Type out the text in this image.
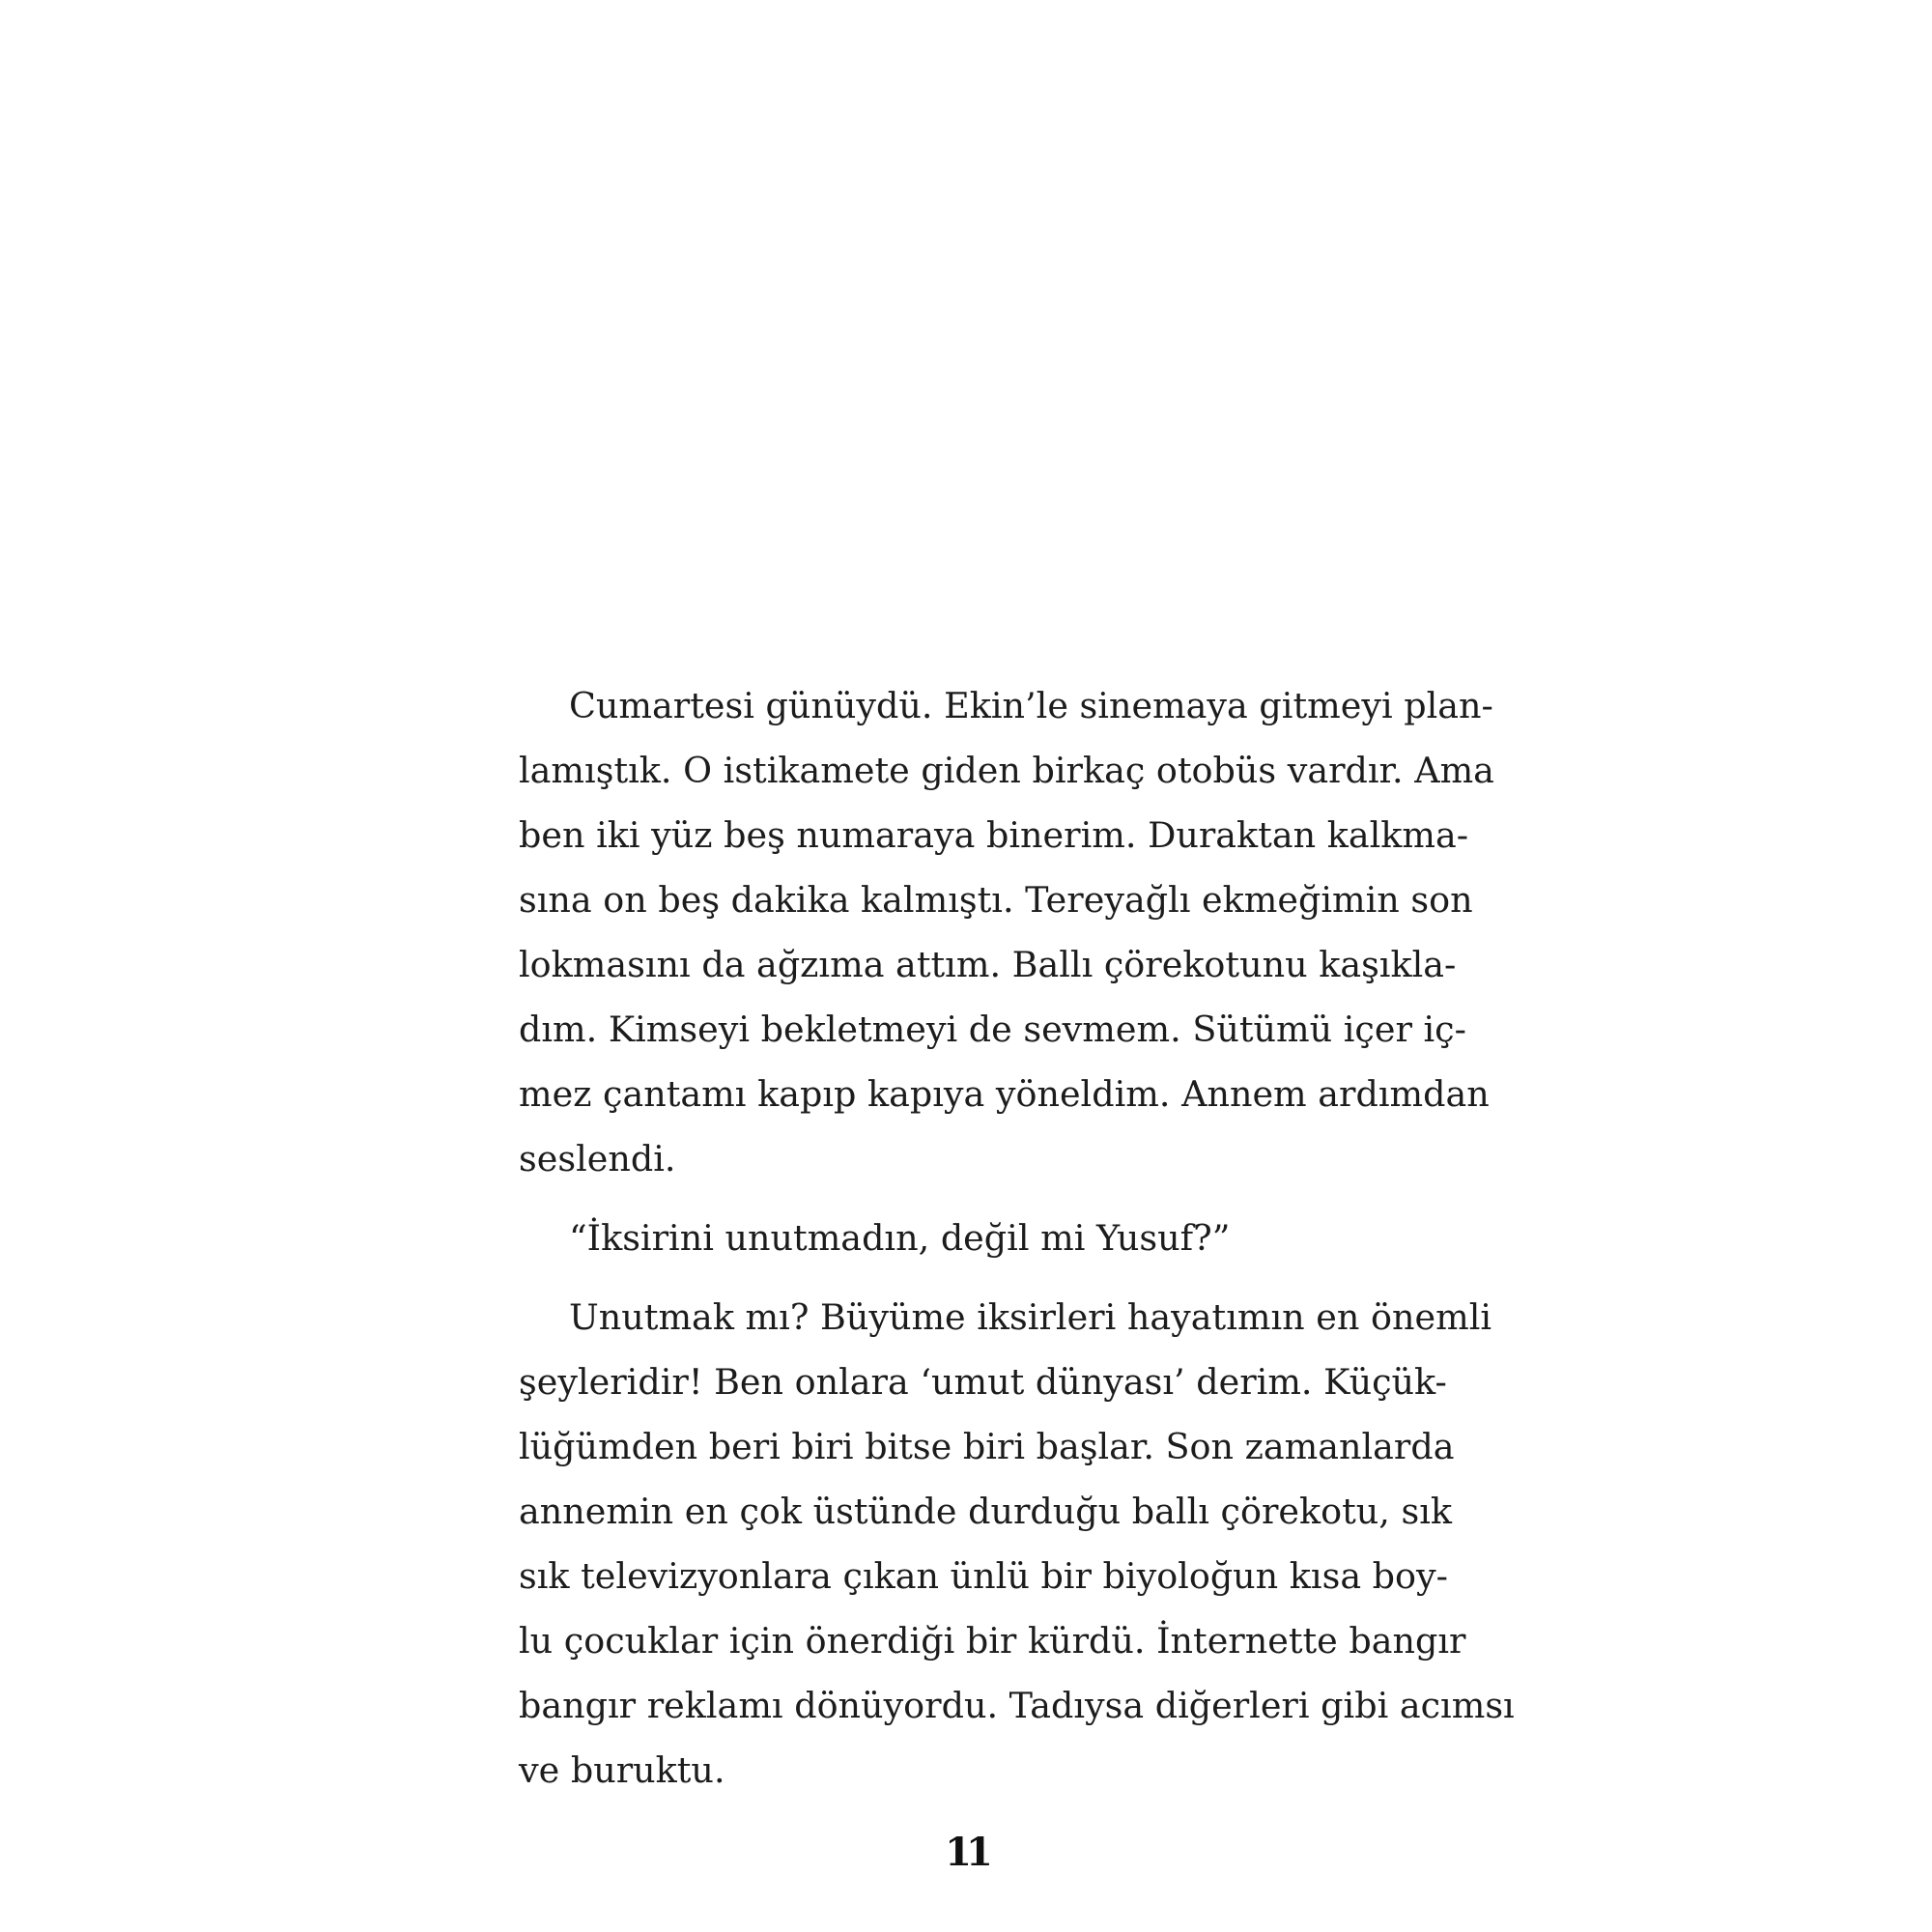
Cumartesi günüydü. Ekin’le sinemaya gitmeyi plan-
lamıştık. O istikamete giden birkaç otobüs vardır. Ama
ben iki yüz beş numaraya binerim. Duraktan kalkma-
sına on beş dakika kalmıştı. Tereyağlı ekmeğimin son
lokmasını da ağzıma attım. Ballı çörekotunu kaşıkla-
dım. Kimseyi bekletmeyi de sevmem. Sütümü içer iç-
mez çantamı kapıp kapıya yöneldim. Annem ardımdan
seslendi.
“İksirini unutmadın, değil mi Yusuf?”
Unutmak mı? Büyüme iksirleri hayatımın en önemli
şeyleridir! Ben onlara ‘umut dünyası’ derim. Küçük-
lüğümden beri biri bitse biri başlar. Son zamanlarda
annemin en çok üstünde durduğu ballı çörekotu, sık
sık televizyonlara çıkan ünlü bir biyoloğun kısa boy-
lu çocuklar için önerdiği bir kürdü. İnternette bangır
bangır reklamı dönüyordu. Tadıysa diğerleri gibi acımsı
ve buruktu.
11
